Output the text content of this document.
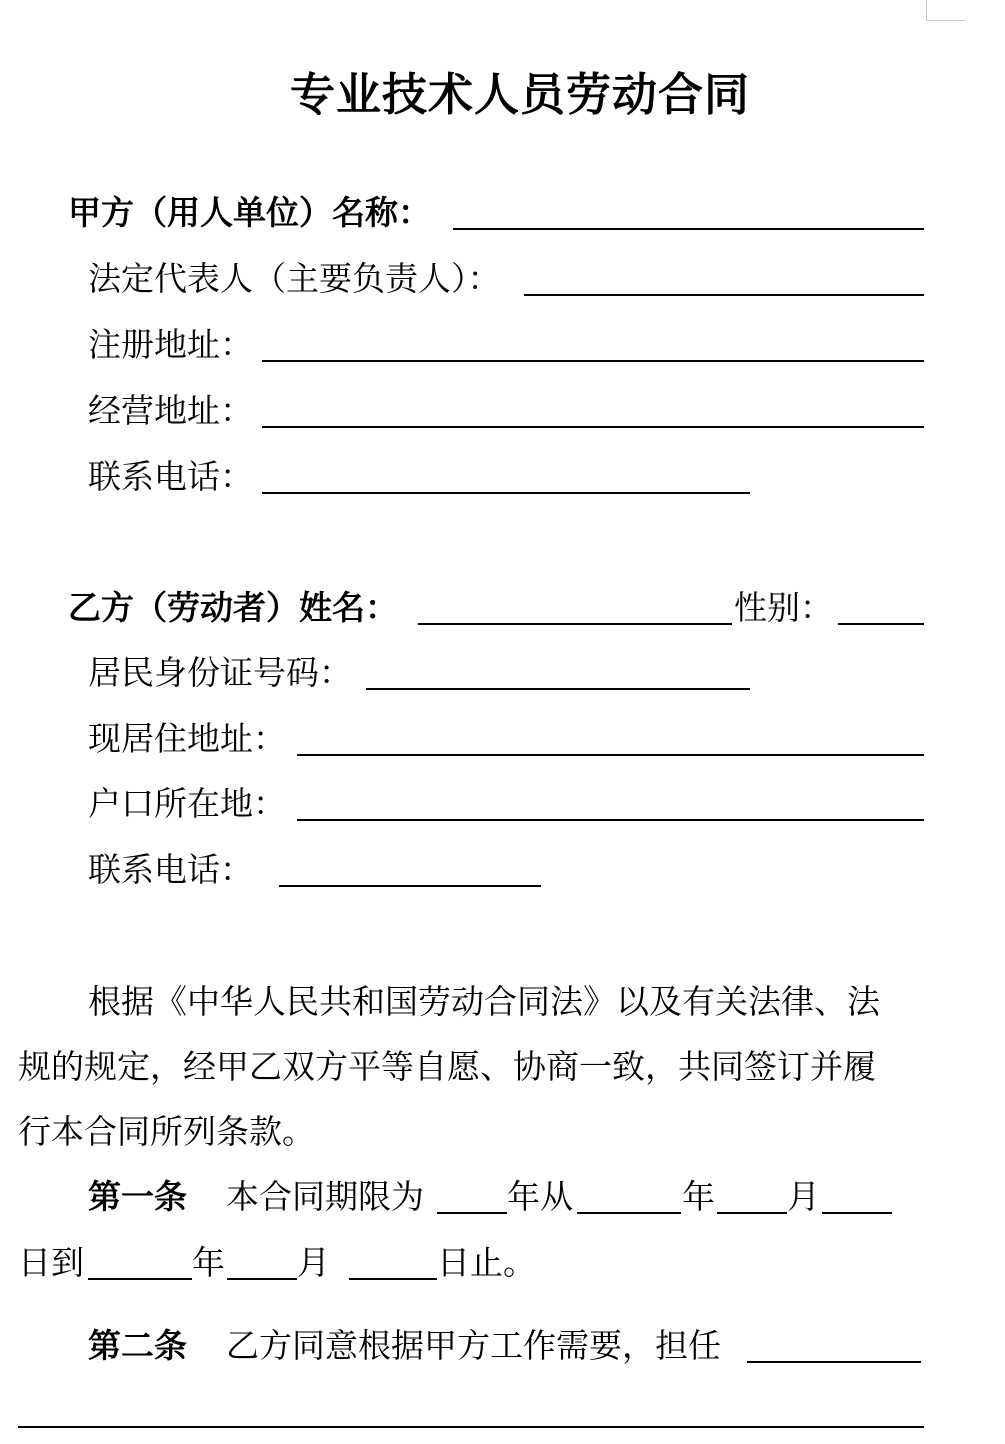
专业技术人员劳动合同
甲方（用人单位）名称：
法定代表人（主要负责人）：
注册地址：
经营地址：
联系电话：
乙方（劳动者）姓名：	性别：
居民身份证号码：
现居住地址：
户口所在地：
联系电话：
根据《中华人民共和国劳动合同法》以及有关法律、法
规的规定，经甲乙双方平等自愿、协商一致，共同签订并履
行本合同所列条款。
第一条 本合同期限为	年从	年 月
日到	年 月	日止。
第二条 乙方同意根据甲方工作需要，担任
